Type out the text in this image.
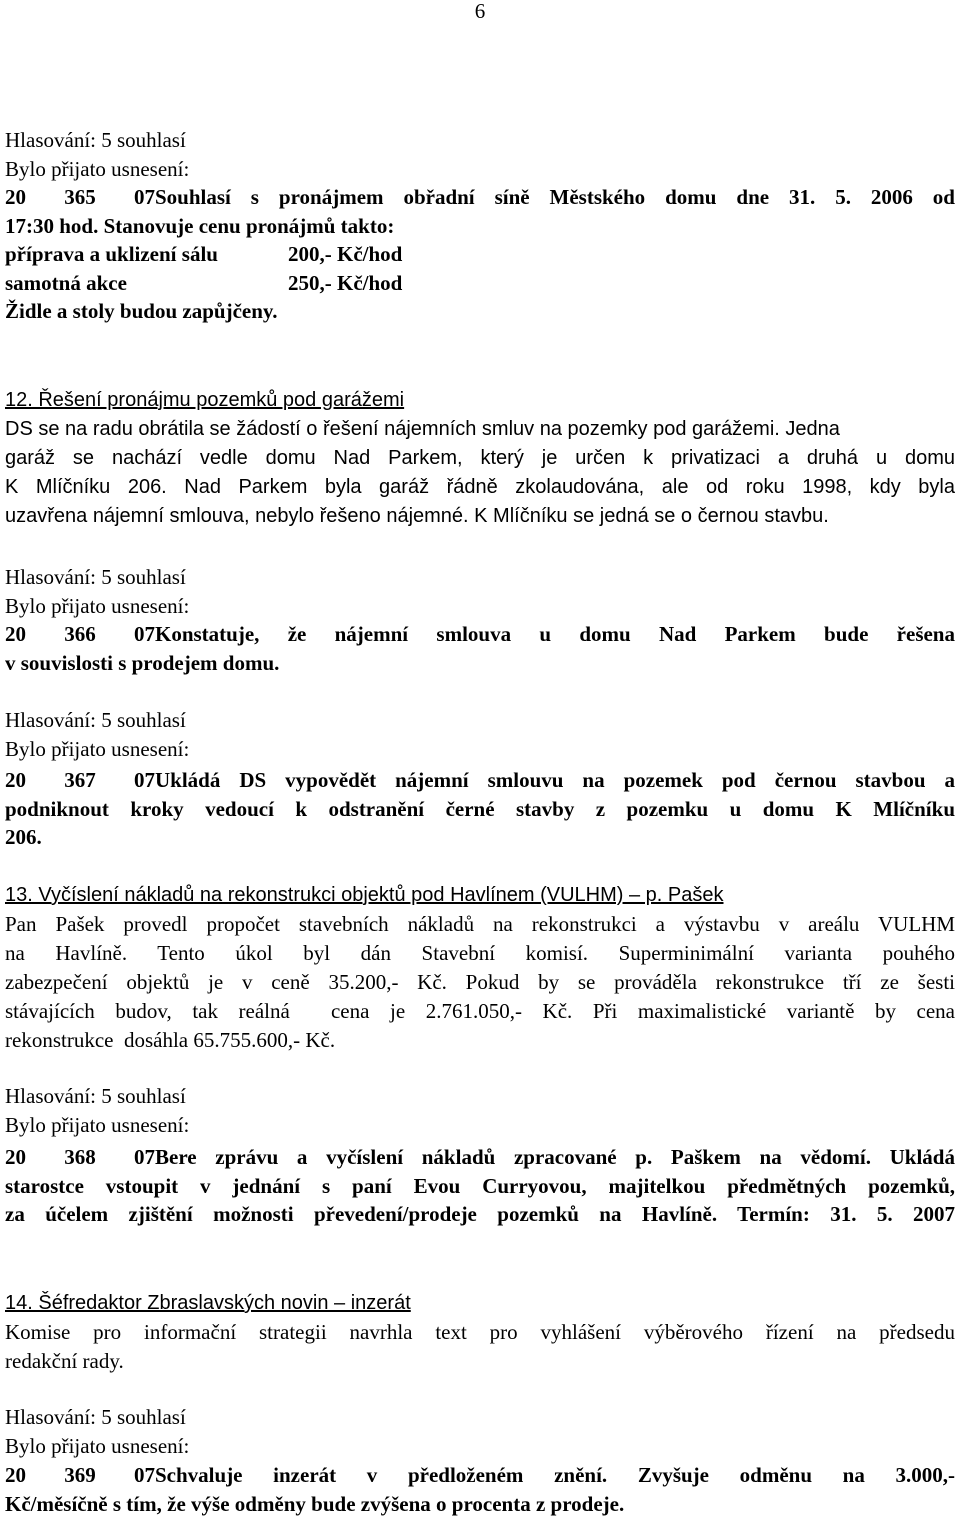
6
Hlasování: 5 souhlasí
Bylo přijato usnesení:
20 365 07Souhlasí s pronájmem obřadní síně Městského domu dne 31. 5. 2006 od
17:30 hod. Stanovuje cenu pronájmů takto:
příprava a uklizení sálu	200,- Kč/hod
samotná akce	250,- Kč/hod
Židle a stoly budou zapůjčeny.
12. Řešení pronájmu pozemků pod garážemi
DS se na radu obrátila se žádostí o řešení nájemních smluv na pozemky pod garážemi. Jedna
garáž se nachází vedle domu Nad Parkem, který je určen k privatizaci a druhá u domu
K Mlíčníku 206. Nad Parkem byla garáž řádně zkolaudována, ale od roku 1998, kdy byla
uzavřena nájemní smlouva, nebylo řešeno nájemné. K Mlíčníku se jedná se o černou stavbu.
Hlasování: 5 souhlasí
Bylo přijato usnesení:
20 366 07Konstatuje, že nájemní smlouva u domu Nad Parkem bude řešena
v souvislosti s prodejem domu.
Hlasování: 5 souhlasí
Bylo přijato usnesení:
20 367 07Ukládá DS vypovědět nájemní smlouvu na pozemek pod černou stavbou a
podniknout kroky vedoucí k odstranění černé stavby z pozemku u domu K Mlíčníku
206.
13. Vyčíslení nákladů na rekonstrukci objektů pod Havlínem (VULHM) – p. Pašek
Pan Pašek provedl propočet stavebních nákladů na rekonstrukci a výstavbu v areálu VULHM
na Havlíně. Tento úkol byl dán Stavební komisí. Superminimální varianta pouhého
zabezpečení objektů je v ceně 35.200,- Kč. Pokud by se prováděla rekonstrukce tří ze šesti
stávajících budov, tak reálná  cena je 2.761.050,- Kč. Při maximalistické variantě by cena
rekonstrukce  dosáhla 65.755.600,- Kč.
Hlasování: 5 souhlasí
Bylo přijato usnesení:
20 368 07Bere zprávu a vyčíslení nákladů zpracované p. Paškem na vědomí. Ukládá
starostce vstoupit v jednání s paní Evou Curryovou, majitelkou předmětných pozemků,
za účelem zjištění možnosti převedení/prodeje pozemků na Havlíně. Termín: 31. 5. 2007
14. Šéfredaktor Zbraslavských novin – inzerát
Komise pro informační strategii navrhla text pro vyhlášení výběrového řízení na předsedu
redakční rady.
Hlasování: 5 souhlasí
Bylo přijato usnesení:
20 369 07Schvaluje inzerát v předloženém znění. Zvyšuje odměnu na 3.000,-
Kč/měsíčně s tím, že výše odměny bude zvýšena o procenta z prodeje.
